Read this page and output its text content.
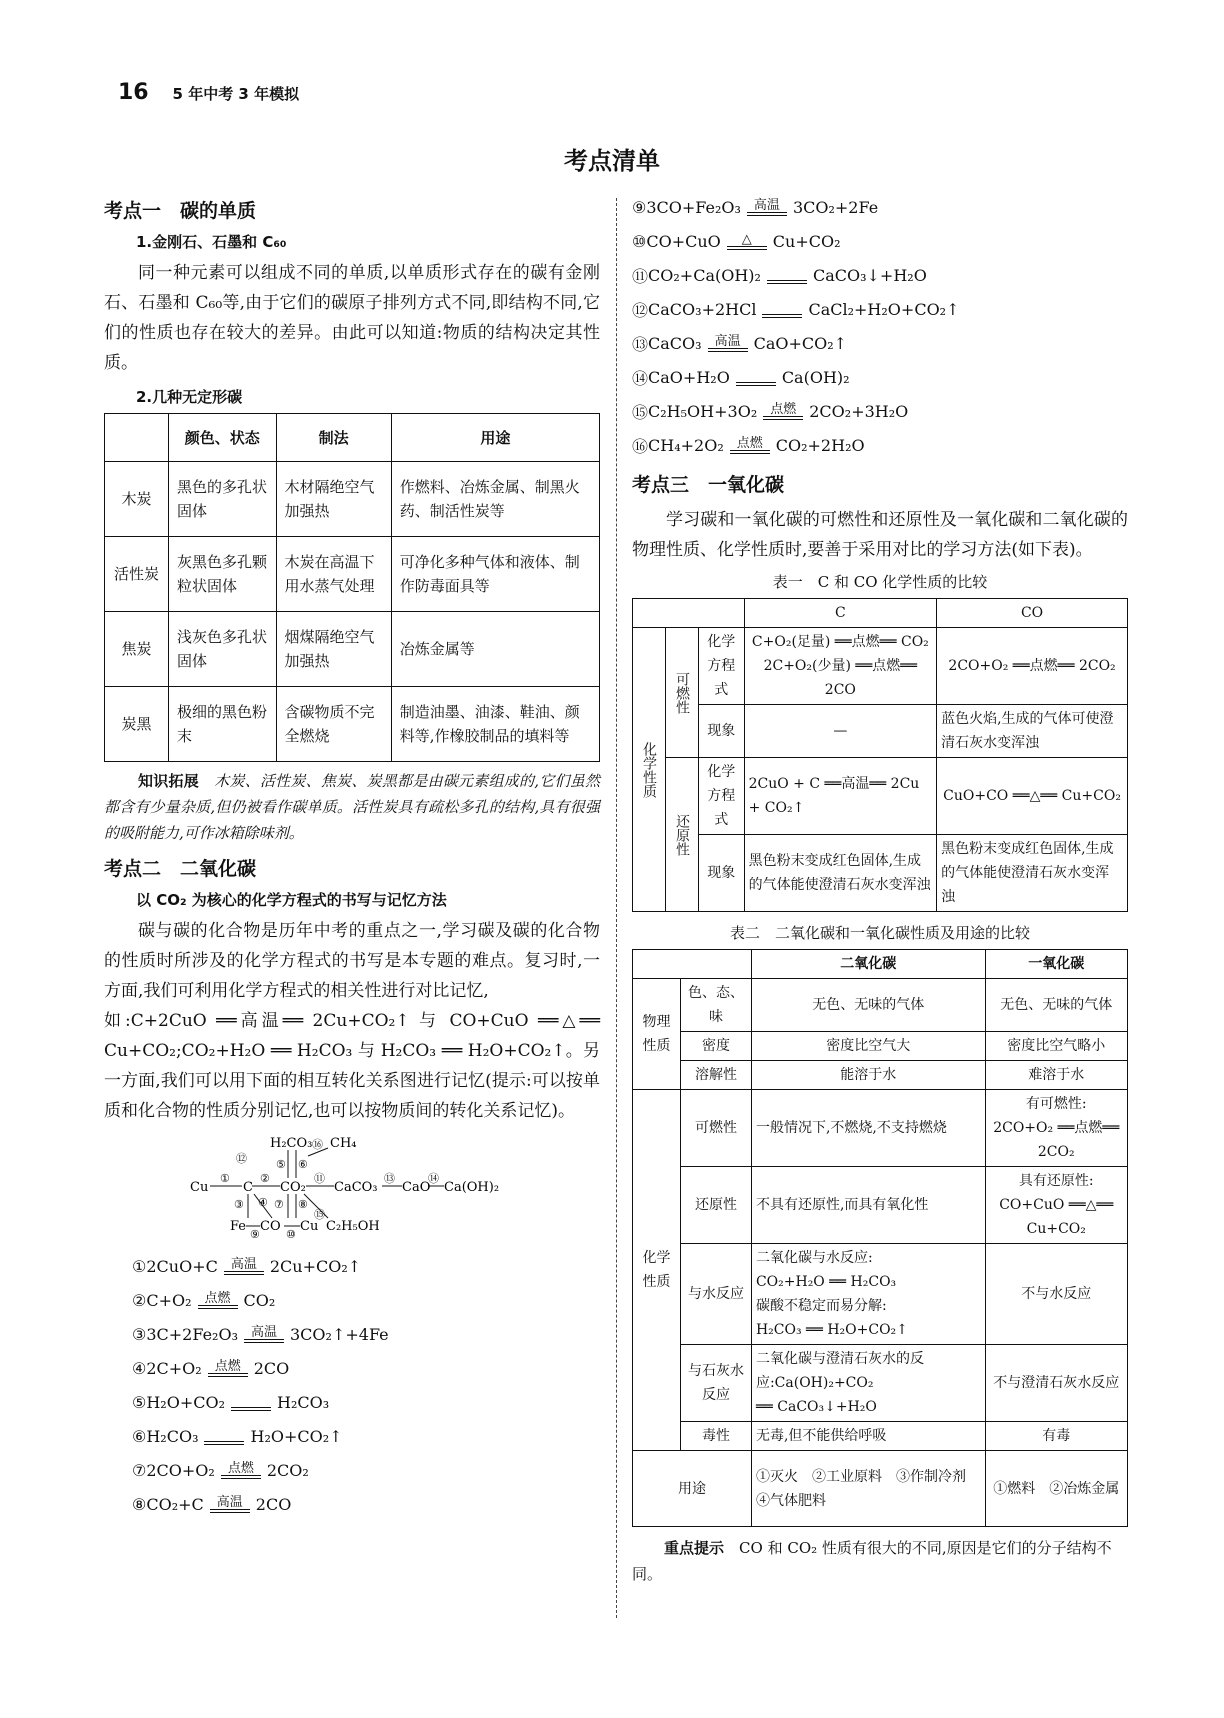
16 5 年中考 3 年模拟
考点清单
考点一　碳的单质
1.金刚石、石墨和 C₆₀

同一种元素可以组成不同的单质,以单质形式存在的碳有金刚石、石墨和 C₆₀等,由于它们的碳原子排列方式不同,即结构不同,它们的性质也存在较大的差异。由此可以知道:物质的结构决定其性质。

2.几种无定形碳
	颜色、状态	制法	用途
木炭	黑色的多孔状固体	木材隔绝空气加强热	作燃料、冶炼金属、制黑火药、制活性炭等
活性炭	灰黑色多孔颗粒状固体	木炭在高温下用水蒸气处理	可净化多种气体和液体、制作防毒面具等
焦炭	浅灰色多孔状固体	烟煤隔绝空气加强热	冶炼金属等
炭黑	极细的黑色粉末	含碳物质不完全燃烧	制造油墨、油漆、鞋油、颜料等,作橡胶制品的填料等

知识拓展　 木炭、活性炭、焦炭、炭黑都是由碳元素组成的,它们虽然都含有少量杂质,但仍被看作碳单质。活性炭具有疏松多孔的结构,具有很强的吸附能力,可作冰箱除味剂。

考点二　二氧化碳
以 CO₂ 为核心的化学方程式的书写与记忆方法

碳与碳的化合物是历年中考的重点之一,学习碳及碳的化合物的性质时所涉及的化学方程式的书写是本专题的难点。复习时,一方面,我们可利用化学方程式的相关性进行对比记忆,

如:C+2CuO ══高温══ 2Cu+CO₂↑ 与 CO+CuO ══△══ Cu+CO₂;CO₂+H₂O ══ H₂CO₃ 与 H₂CO₃ ══ H₂O+CO₂↑。另一方面,我们可以用下面的相互转化关系图进行记忆(提示:可以按单质和化合物的性质分别记忆,也可以按物质间的转化关系记忆)。

Cu	C CO₂ CaCO₃ CaO Ca(OH)₂
H₂CO₃ CH₄
Fe CO Cu C₂H₅OH
①	②
③ ④
⑤ ⑥
⑦ ⑧
⑨ ⑩
⑪
⑫
⑬	⑭
⑮
⑯
① 2CuO+C 高温 2Cu+CO₂↑
② C+O₂ 点燃 CO₂
③ 3C+2Fe₂O₃ 高温 3CO₂↑+4Fe
④ 2C+O₂ 点燃 2CO
⑤ H₂O+CO₂	H₂CO₃
⑥ H₂CO₃	H₂O+CO₂↑
⑦ 2CO+O₂ 点燃 2CO₂
⑧ CO₂+C 高温 2CO
⑨ 3CO+Fe₂O₃ 高温 3CO₂+2Fe
⑩ CO+CuO	△ Cu+CO₂
⑪ CO₂+Ca(OH)₂	CaCO₃↓+H₂O
⑫ CaCO₃+2HCl	CaCl₂+H₂O+CO₂↑
⑬ CaCO₃ 高温 CaO+CO₂↑
⑭ CaO+H₂O	Ca(OH)₂
⑮ C₂H₅OH+3O₂ 点燃 2CO₂+3H₂O
⑯ CH₄+2O₂ 点燃 CO₂+2H₂O
考点三　一氧化碳

学习碳和一氧化碳的可燃性和还原性及一氧化碳和二氧化碳的物理性质、化学性质时,要善于采用对比的学习方法(如下表)。

表一　C 和 CO 化学性质的比较
			C	CO
化学性质	可燃性	化学方程式	C+O₂(足量) ══点燃══ CO₂
2C+O₂(少量) ══点燃══ 2CO	2CO+O₂ ══点燃══ 2CO₂
		现象	—	蓝色火焰,生成的气体可使澄清石灰水变浑浊
	还原性	化学方程式	2CuO + C ══高温══ 2Cu + CO₂↑	CuO+CO ══△══ Cu+CO₂
		现象	黑色粉末变成红色固体,生成的气体能使澄清石灰水变浑浊	黑色粉末变成红色固体,生成的气体能使澄清石灰水变浑浊
表二　二氧化碳和一氧化碳性质及用途的比较
		二氧化碳	一氧化碳
物理性质	色、态、味	无色、无味的气体	无色、无味的气体
	密度	密度比空气大	密度比空气略小
	溶解性	能溶于水	难溶于水
化学性质	可燃性	一般情况下,不燃烧,不支持燃烧	有可燃性:
2CO+O₂ ══点燃══ 2CO₂

	还原性	不具有还原性,而具有氧化性	具有还原性:
CO+CuO ══△══ Cu+CO₂

	与水反应	二氧化碳与水反应:
CO₂+H₂O ══ H₂CO₃
碳酸不稳定而易分解:
H₂CO₃ ══ H₂O+CO₂↑	不与水反应
	与石灰水反应	二氧化碳与澄清石灰水的反应:Ca(OH)₂+CO₂
══ CaCO₃↓+H₂O	不与澄清石灰水反应
	毒性	无毒,但不能供给呼吸	有毒
用途		①灭火　②工业原料　③作制冷剂　④气体肥料	①燃料　②冶炼金属

重点提示　 CO 和 CO₂ 性质有很大的不同,原因是它们的分子结构不同。
